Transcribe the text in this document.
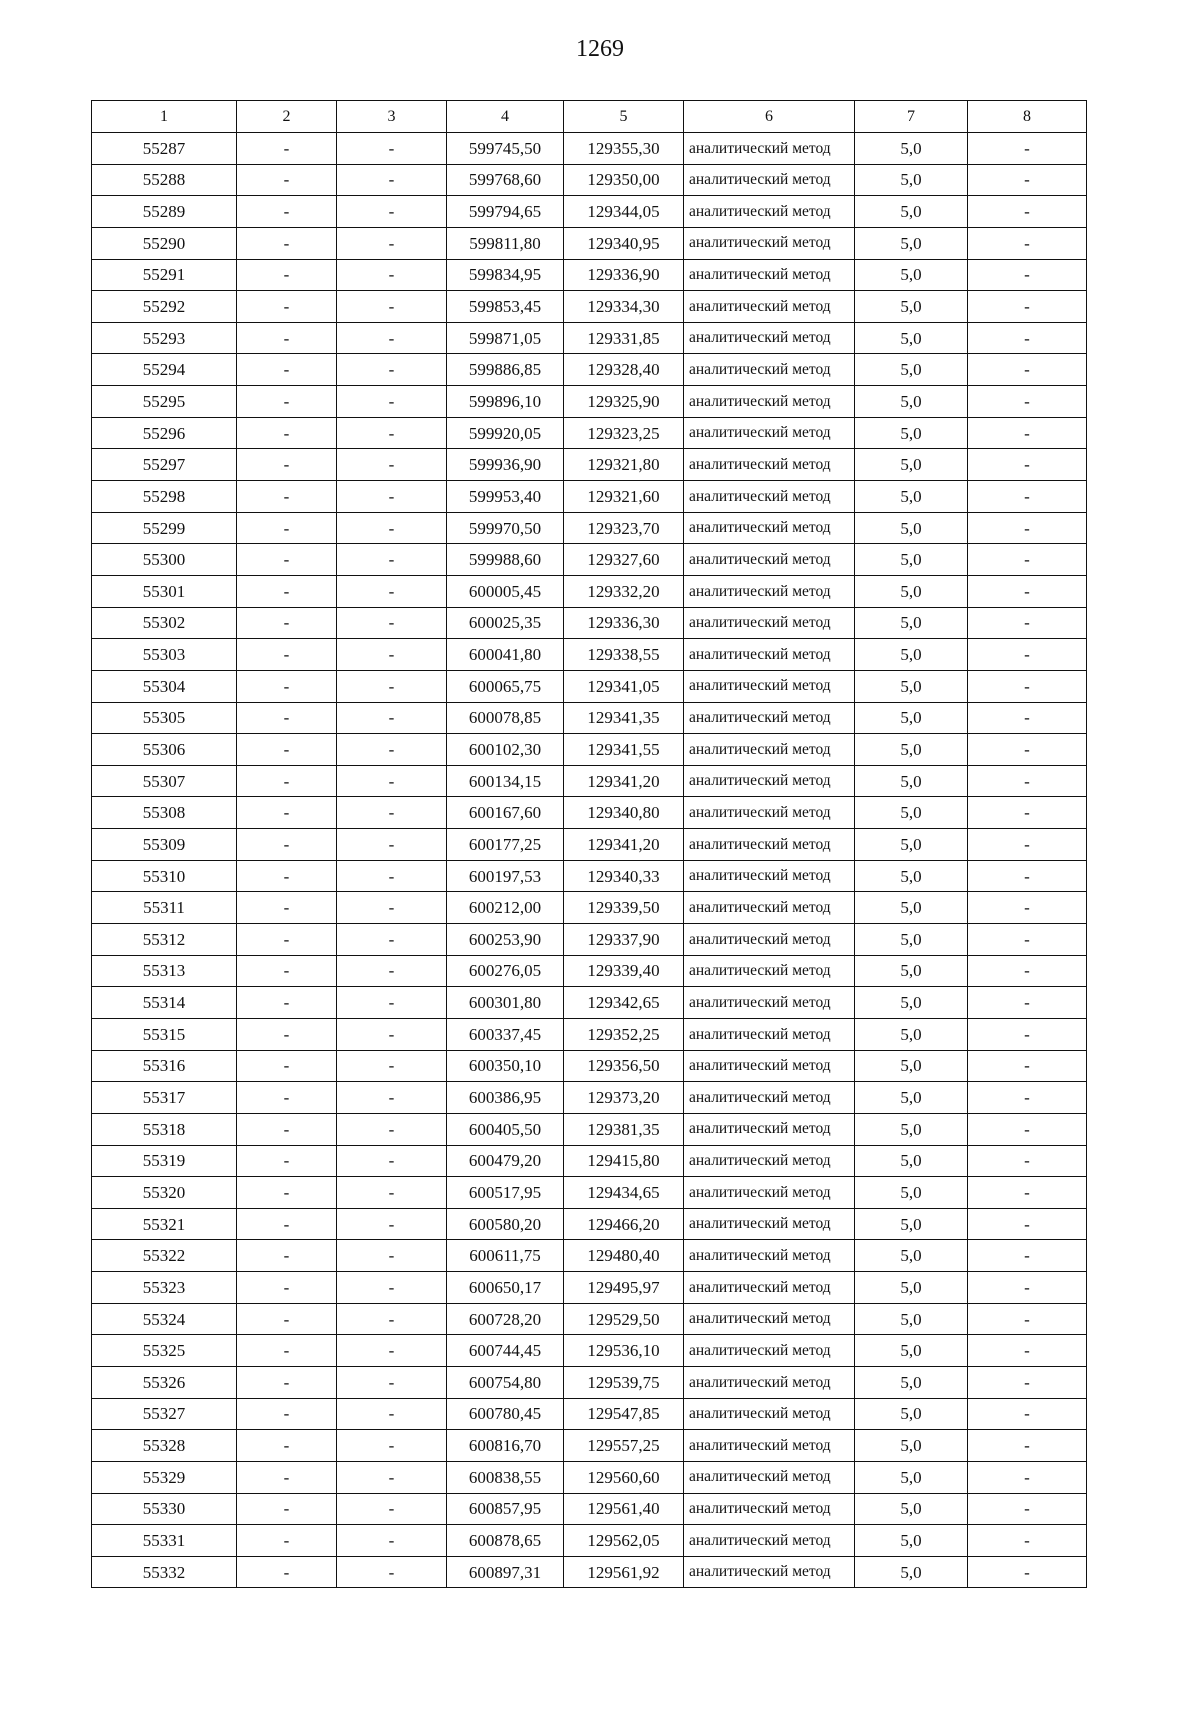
1269
1	2	3	4	5	6	7	8
55287	-	-	599745,50	129355,30	аналитический метод	5,0	-
55288	-	-	599768,60	129350,00	аналитический метод	5,0	-
55289	-	-	599794,65	129344,05	аналитический метод	5,0	-
55290	-	-	599811,80	129340,95	аналитический метод	5,0	-
55291	-	-	599834,95	129336,90	аналитический метод	5,0	-
55292	-	-	599853,45	129334,30	аналитический метод	5,0	-
55293	-	-	599871,05	129331,85	аналитический метод	5,0	-
55294	-	-	599886,85	129328,40	аналитический метод	5,0	-
55295	-	-	599896,10	129325,90	аналитический метод	5,0	-
55296	-	-	599920,05	129323,25	аналитический метод	5,0	-
55297	-	-	599936,90	129321,80	аналитический метод	5,0	-
55298	-	-	599953,40	129321,60	аналитический метод	5,0	-
55299	-	-	599970,50	129323,70	аналитический метод	5,0	-
55300	-	-	599988,60	129327,60	аналитический метод	5,0	-
55301	-	-	600005,45	129332,20	аналитический метод	5,0	-
55302	-	-	600025,35	129336,30	аналитический метод	5,0	-
55303	-	-	600041,80	129338,55	аналитический метод	5,0	-
55304	-	-	600065,75	129341,05	аналитический метод	5,0	-
55305	-	-	600078,85	129341,35	аналитический метод	5,0	-
55306	-	-	600102,30	129341,55	аналитический метод	5,0	-
55307	-	-	600134,15	129341,20	аналитический метод	5,0	-
55308	-	-	600167,60	129340,80	аналитический метод	5,0	-
55309	-	-	600177,25	129341,20	аналитический метод	5,0	-
55310	-	-	600197,53	129340,33	аналитический метод	5,0	-
55311	-	-	600212,00	129339,50	аналитический метод	5,0	-
55312	-	-	600253,90	129337,90	аналитический метод	5,0	-
55313	-	-	600276,05	129339,40	аналитический метод	5,0	-
55314	-	-	600301,80	129342,65	аналитический метод	5,0	-
55315	-	-	600337,45	129352,25	аналитический метод	5,0	-
55316	-	-	600350,10	129356,50	аналитический метод	5,0	-
55317	-	-	600386,95	129373,20	аналитический метод	5,0	-
55318	-	-	600405,50	129381,35	аналитический метод	5,0	-
55319	-	-	600479,20	129415,80	аналитический метод	5,0	-
55320	-	-	600517,95	129434,65	аналитический метод	5,0	-
55321	-	-	600580,20	129466,20	аналитический метод	5,0	-
55322	-	-	600611,75	129480,40	аналитический метод	5,0	-
55323	-	-	600650,17	129495,97	аналитический метод	5,0	-
55324	-	-	600728,20	129529,50	аналитический метод	5,0	-
55325	-	-	600744,45	129536,10	аналитический метод	5,0	-
55326	-	-	600754,80	129539,75	аналитический метод	5,0	-
55327	-	-	600780,45	129547,85	аналитический метод	5,0	-
55328	-	-	600816,70	129557,25	аналитический метод	5,0	-
55329	-	-	600838,55	129560,60	аналитический метод	5,0	-
55330	-	-	600857,95	129561,40	аналитический метод	5,0	-
55331	-	-	600878,65	129562,05	аналитический метод	5,0	-
55332	-	-	600897,31	129561,92	аналитический метод	5,0	-
